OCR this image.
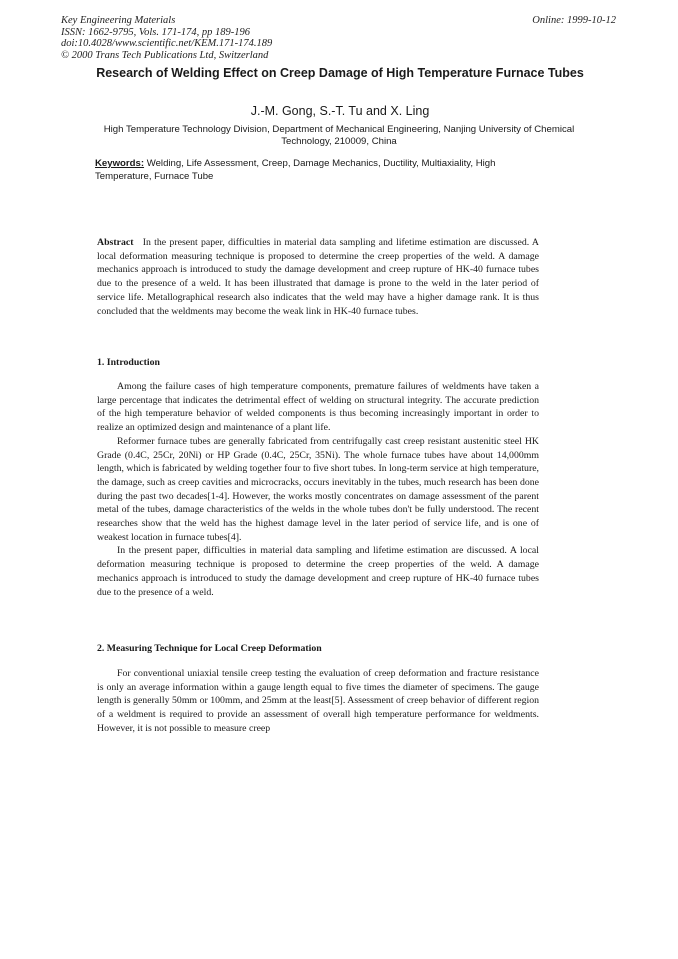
Key Engineering Materials
ISSN: 1662-9795, Vols. 171-174, pp 189-196
doi:10.4028/www.scientific.net/KEM.171-174.189
© 2000 Trans Tech Publications Ltd, Switzerland
Online: 1999-10-12
Research of Welding Effect on Creep Damage of High Temperature Furnace Tubes
J.-M. Gong, S.-T. Tu and X. Ling
High Temperature Technology Division, Department of Mechanical Engineering, Nanjing University of Chemical Technology, 210009, China
Keywords: Welding, Life Assessment, Creep, Damage Mechanics, Ductility, Multiaxiality, High Temperature, Furnace Tube
Abstract In the present paper, difficulties in material data sampling and lifetime estimation are discussed. A local deformation measuring technique is proposed to determine the creep properties of the weld. A damage mechanics approach is introduced to study the damage development and creep rupture of HK-40 furnace tubes due to the presence of a weld. It has been illustrated that damage is prone to the weld in the later period of service life. Metallographical research also indicates that the weld may have a higher damage rank. It is thus concluded that the weldments may become the weak link in HK-40 furnace tubes.
1. Introduction

Among the failure cases of high temperature components, premature failures of weldments have taken a large percentage that indicates the detrimental effect of welding on structural integrity. The accurate prediction of the high temperature behavior of welded components is thus becoming increasingly important in order to realize an optimized design and maintenance of a plant life.

Reformer furnace tubes are generally fabricated from centrifugally cast creep resistant austenitic steel HK Grade (0.4C, 25Cr, 20Ni) or HP Grade (0.4C, 25Cr, 35Ni). The whole furnace tubes have about 14,000mm length, which is fabricated by welding together four to five short tubes. In long-term service at high temperature, the damage, such as creep cavities and microcracks, occurs inevitably in the tubes, much research has been done during the past two decades[1-4]. However, the works mostly concentrates on damage assessment of the parent metal of the tubes, damage characteristics of the welds in the whole tubes don't be fully understood. The recent researches show that the weld has the highest damage level in the later period of service life, and is one of weakest location in furnace tubes[4].

In the present paper, difficulties in material data sampling and lifetime estimation are discussed. A local deformation measuring technique is proposed to determine the creep properties of the weld. A damage mechanics approach is introduced to study the damage development and creep rupture of HK-40 furnace tubes due to the presence of a weld.

2. Measuring Technique for Local Creep Deformation

For conventional uniaxial tensile creep testing the evaluation of creep deformation and fracture resistance is only an average information within a gauge length equal to five times the diameter of specimens. The gauge length is generally 50mm or 100mm, and 25mm at the least[5]. Assessment of creep behavior of different region of a weldment is required to provide an assessment of overall high temperature performance for weldments. However, it is not possible to measure creep
